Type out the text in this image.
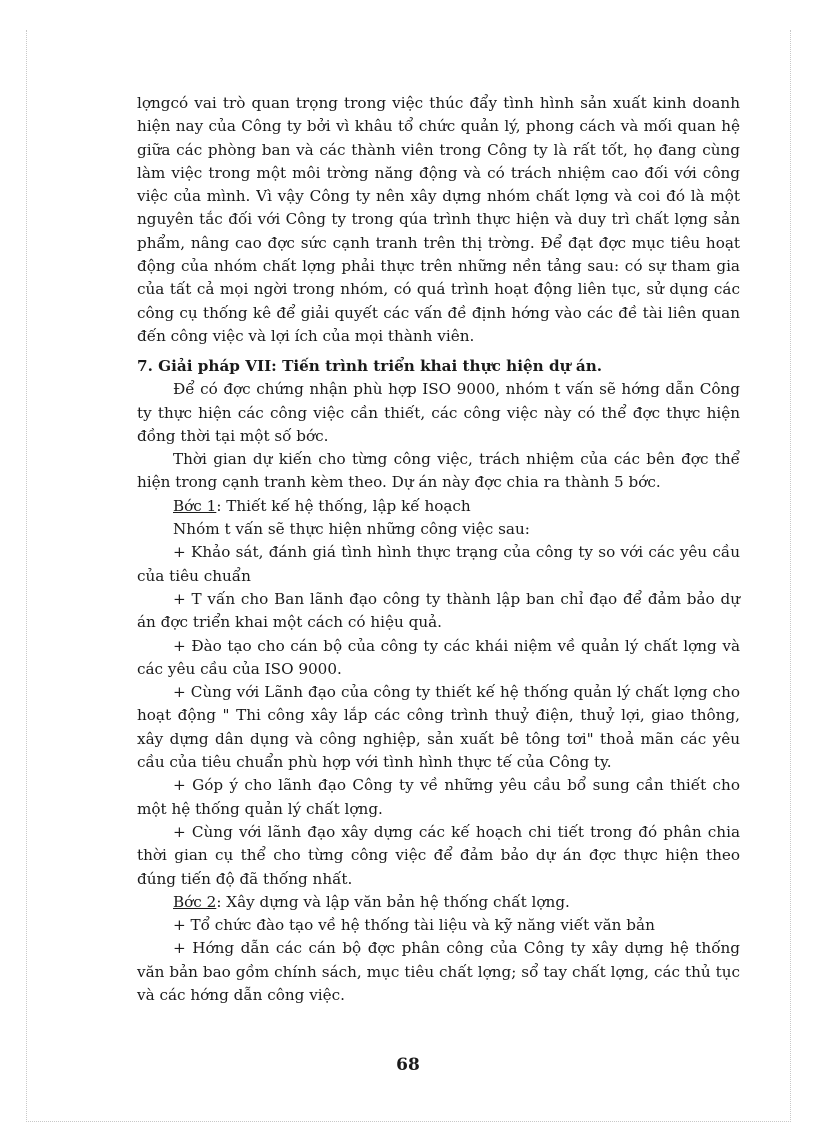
lợngcó vai trò quan trọng trong việc thúc đẩy tình hình sản xuất kinh doanh hiện nay của Công ty bởi vì khâu tổ chức quản lý, phong cách và mối quan hệ giữa các phòng ban và các thành viên trong Công ty là rất tốt, họ đang cùng làm việc trong một môi trờng năng động và có trách nhiệm cao đối với công việc của mình. Vì vậy Công ty nên xây dựng nhóm chất lợng và coi đó là một nguyên tắc đối với Công ty trong qúa trình thực hiện và duy trì chất lợng sản phẩm, nâng cao đợc sức cạnh tranh trên thị trờng. Để đạt đợc mục tiêu hoạt động của nhóm chất lợng phải thực trên những nền tảng sau: có sự tham gia của tất cả mọi ngời trong nhóm, có quá trình hoạt động liên tục, sử dụng các công cụ thống kê để giải quyết các vấn đề định hớng vào các đề tài liên quan đến công việc và lợi ích của mọi thành viên.

7. Giải pháp VII: Tiến trình triển khai thực hiện dự án.

Để có đợc chứng nhận phù hợp ISO 9000, nhóm t vấn sẽ hớng dẫn Công ty thực hiện các công việc cần thiết, các công việc này có thể đợc thực hiện đồng thời tại một số bớc.

Thời gian dự kiến cho từng công việc, trách nhiệm của các bên đợc thể hiện trong cạnh tranh kèm theo. Dự án này đợc chia ra thành 5 bớc.

Bớc 1: Thiết kế hệ thống, lập kế hoạch

Nhóm t vấn sẽ thực hiện những công việc sau:

+ Khảo sát, đánh giá tình hình thực trạng của công ty so với các yêu cầu của tiêu chuẩn

+ T vấn cho Ban lãnh đạo công ty thành lập ban chỉ đạo để đảm bảo dự án đợc triển khai một cách có hiệu quả.

+ Đào tạo cho cán bộ của công ty các khái niệm về quản lý chất lợng và các yêu cầu của ISO 9000.

+ Cùng với Lãnh đạo của công ty thiết kế hệ thống quản lý chất lợng cho hoạt động " Thi công xây lắp các công trình thuỷ điện, thuỷ lợi, giao thông, xây dựng dân dụng và công nghiệp, sản xuất bê tông tơi" thoả mãn các yêu cầu của tiêu chuẩn phù hợp với tình hình thực tế của Công ty.

+ Góp ý cho lãnh đạo Công ty về những yêu cầu bổ sung cần thiết cho một hệ thống quản lý chất lợng.

+ Cùng với lãnh đạo xây dựng các kế hoạch chi tiết trong đó phân chia thời gian cụ thể cho từng công việc để đảm bảo dự án đợc thực hiện theo đúng tiến độ đã thống nhất.

Bớc 2: Xây dựng và lập văn bản hệ thống chất lợng.

+ Tổ chức đào tạo về hệ thống tài liệu và kỹ năng viết văn bản

+ Hớng dẫn các cán bộ đợc phân công của Công ty xây dựng hệ thống văn bản bao gồm chính sách, mục tiêu chất lợng; sổ tay chất lợng, các thủ tục và các hớng dẫn công việc.

68
